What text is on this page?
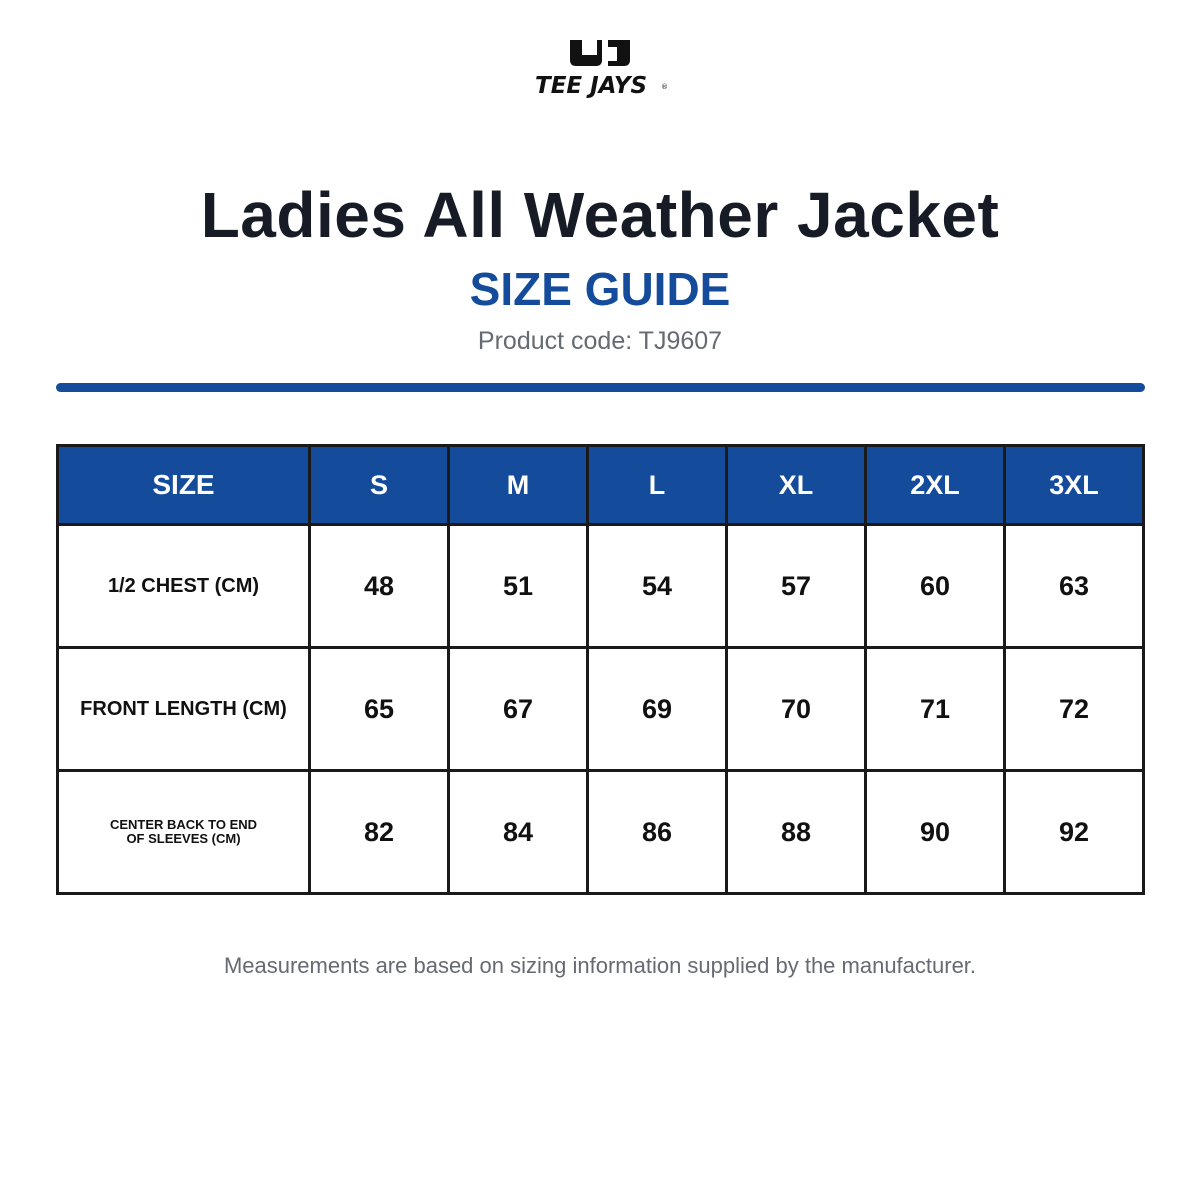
TEE JAYS ®
Ladies All Weather Jacket
SIZE GUIDE
Product code: TJ9607
SIZE	S	M	L	XL	2XL	3XL
1/2 CHEST (CM)	48	51	54	57	60	63
FRONT LENGTH (CM)	65	67	69	70	71	72
CENTER BACK TO END
OF SLEEVES (CM)	82	84	86	88	90	92
Measurements are based on sizing information supplied by the manufacturer.
